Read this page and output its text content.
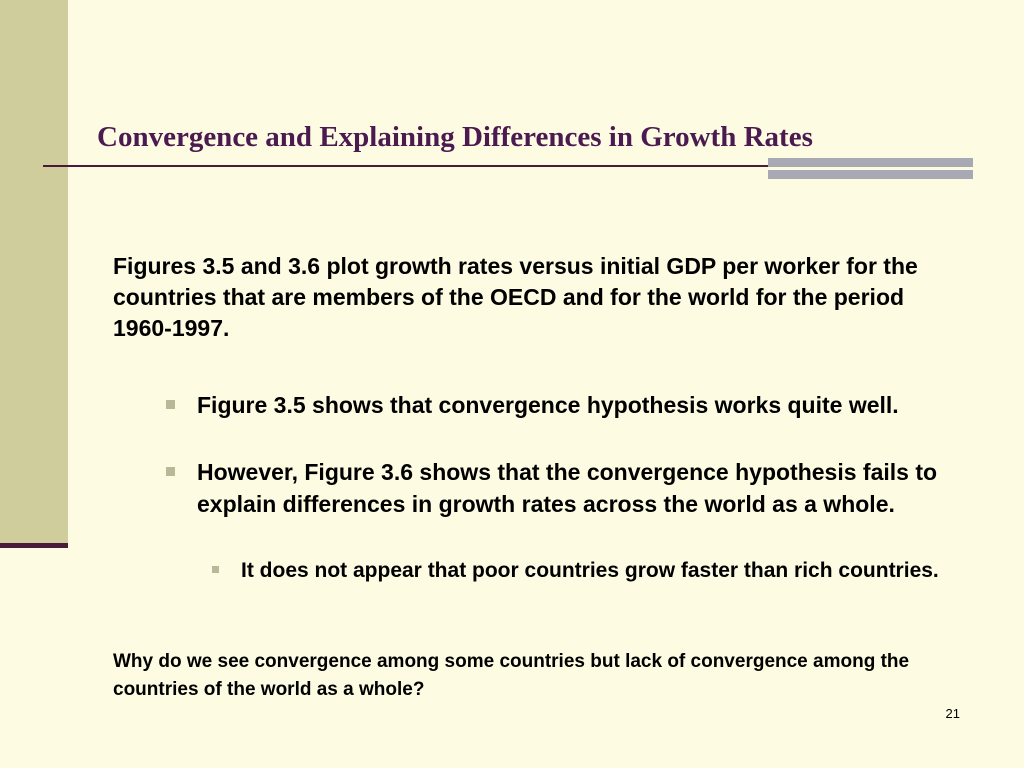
Convergence and Explaining Differences in Growth Rates

Figures 3.5 and 3.6 plot growth rates versus initial GDP per worker for the countries that are members of the OECD and for the world for the period 1960-1997.

Figure 3.5 shows that convergence hypothesis works quite well.
However, Figure 3.6 shows that the convergence hypothesis fails to explain differences in growth rates across the world as a whole.
It does not appear that poor countries grow faster than rich countries.

Why do we see convergence among some countries but lack of convergence among the countries of the world as a whole?

21
